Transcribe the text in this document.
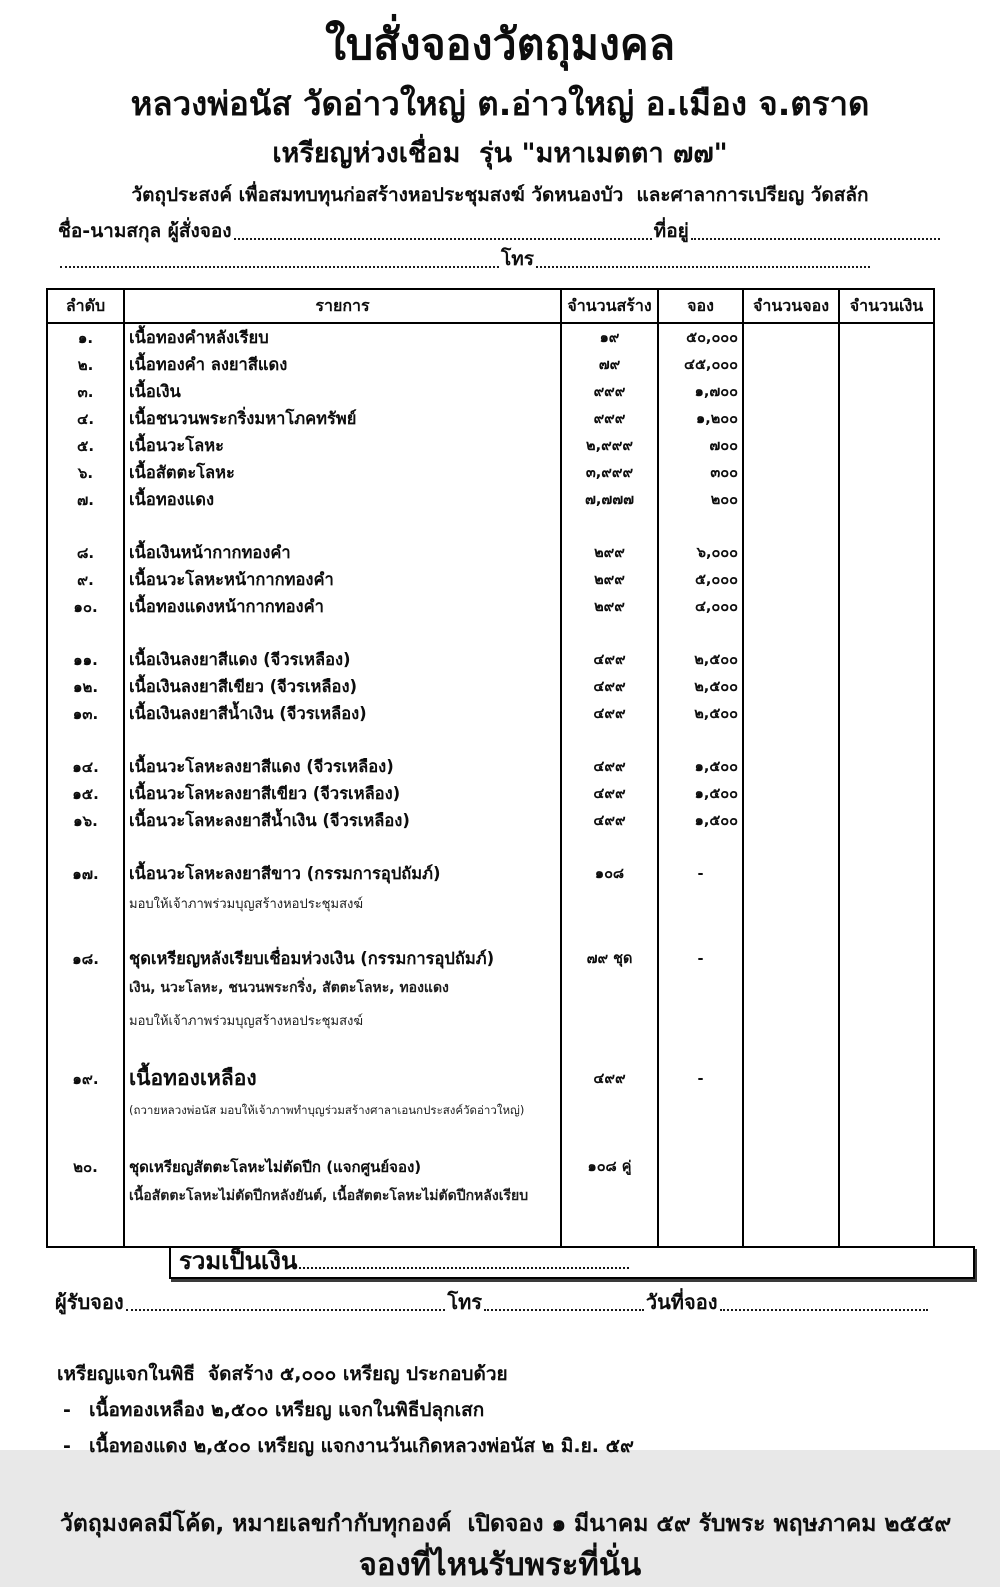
ใบสั่งจองวัตถุมงคล
หลวงพ่อนัส วัดอ่าวใหญ่ ต.อ่าวใหญ่ อ.เมือง จ.ตราด
เหรียญห่วงเชื่อม  รุ่น "มหาเมตตา ๗๗"
วัตถุประสงค์ เพื่อสมทบทุนก่อสร้างหอประชุมสงฆ์ วัดหนองบัว  และศาลาการเปรียญ วัดสลัก
ชื่อ-นามสกุล ผู้สั่งจอง	ที่อยู่
โทร
ลำดับ	รายการ	จำนวนสร้าง	จอง	จำนวนจอง	จำนวนเงิน
๑.	เนื้อทองคำหลังเรียบ	๑๙	๕๐,๐๐๐		
๒.	เนื้อทองคำ ลงยาสีแดง	๗๙	๔๕,๐๐๐		
๓.	เนื้อเงิน	๙๙๙	๑,๗๐๐		
๔.	เนื้อชนวนพระกริ่งมหาโภคทรัพย์	๙๙๙	๑,๒๐๐		
๕.	เนื้อนวะโลหะ	๒,๙๙๙	๗๐๐		
๖.	เนื้อสัตตะโลหะ	๓,๙๙๙	๓๐๐		
๗.	เนื้อทองแดง	๗,๗๗๗	๒๐๐		

๘.	เนื้อเงินหน้ากากทองคำ	๒๙๙	๖,๐๐๐		
๙.	เนื้อนวะโลหะหน้ากากทองคำ	๒๙๙	๕,๐๐๐		
๑๐.	เนื้อทองแดงหน้ากากทองคำ	๒๙๙	๔,๐๐๐		

๑๑.	เนื้อเงินลงยาสีแดง (จีวรเหลือง)	๔๙๙	๒,๕๐๐		
๑๒.	เนื้อเงินลงยาสีเขียว (จีวรเหลือง)	๔๙๙	๒,๕๐๐		
๑๓.	เนื้อเงินลงยาสีน้ำเงิน (จีวรเหลือง)	๔๙๙	๒,๕๐๐		

๑๔.	เนื้อนวะโลหะลงยาสีแดง (จีวรเหลือง)	๔๙๙	๑,๕๐๐		
๑๕.	เนื้อนวะโลหะลงยาสีเขียว (จีวรเหลือง)	๔๙๙	๑,๕๐๐		
๑๖.	เนื้อนวะโลหะลงยาสีน้ำเงิน (จีวรเหลือง)	๔๙๙	๑,๕๐๐		

๑๗.	เนื้อนวะโลหะลงยาสีขาว (กรรมการอุปถัมภ์)	๑๐๘	-		
	มอบให้เจ้าภาพร่วมบุญสร้างหอประชุมสงฆ์				

๑๘.	ชุดเหรียญหลังเรียบเชื่อมห่วงเงิน (กรรมการอุปถัมภ์)	๗๙ ชุด	-		
	เงิน, นวะโลหะ, ชนวนพระกริ่ง, สัตตะโลหะ, ทองแดง				
	มอบให้เจ้าภาพร่วมบุญสร้างหอประชุมสงฆ์				

๑๙.	เนื้อทองเหลือง	๔๙๙	-		
	(ถวายหลวงพ่อนัส มอบให้เจ้าภาพทำบุญร่วมสร้างศาลาเอนกประสงค์วัดอ่าวใหญ่)				

๒๐.	ชุดเหรียญสัตตะโลหะไม่ตัดปีก (แจกศูนย์จอง)	๑๐๘ คู่			
	เนื้อสัตตะโลหะไม่ตัดปีกหลังยันต์, เนื้อสัตตะโลหะไม่ตัดปีกหลังเรียบ				

รวมเป็นเงิน
ผู้รับจอง	โทร	วันที่จอง
เหรียญแจกในพิธี  จัดสร้าง ๕,๐๐๐ เหรียญ ประกอบด้วย
- เนื้อทองเหลือง ๒,๕๐๐ เหรียญ แจกในพิธีปลุกเสก
- เนื้อทองแดง ๒,๕๐๐ เหรียญ แจกงานวันเกิดหลวงพ่อนัส ๒ มิ.ย. ๕๙
วัตถุมงคลมีโค้ด, หมายเลขกำกับทุกองค์  เปิดจอง ๑ มีนาคม ๕๙ รับพระ พฤษภาคม ๒๕๕๙
จองที่ไหนรับพระที่นั่น
